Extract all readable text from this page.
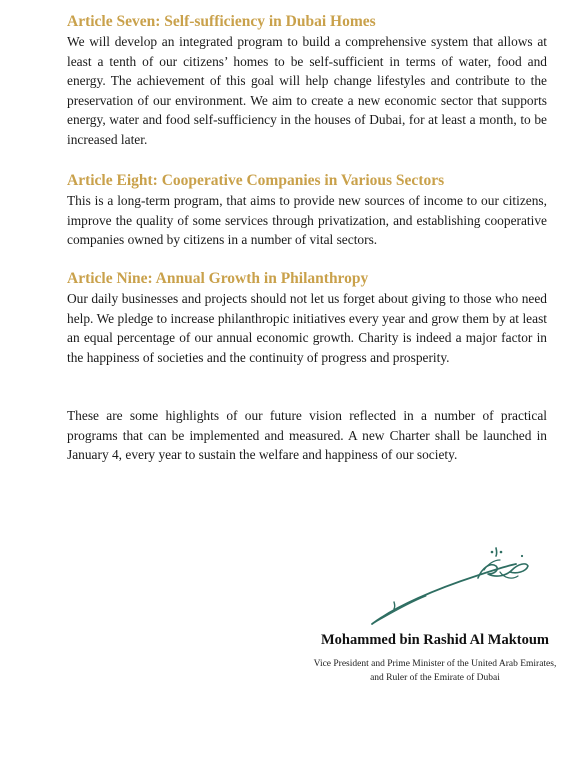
Article Seven: Self-sufficiency in Dubai Homes

We will develop an integrated program to build a comprehensive system that allows at least a tenth of our citizens’ homes to be self-sufficient in terms of water, food and energy. The achievement of this goal will help change lifestyles and contribute to the preservation of our environment. We aim to create a new economic sector that supports energy, water and food self-sufficiency in the houses of Dubai, for at least a month, to be increased later.

Article Eight: Cooperative Companies in Various Sectors

This is a long-term program, that aims to provide new sources of income to our citizens, improve the quality of some services through privatization, and establishing cooperative companies owned by citizens in a number of vital sectors.

Article Nine: Annual Growth in Philanthropy

Our daily businesses and projects should not let us forget about giving to those who need help. We pledge to increase philanthropic initiatives every year and grow them by at least an equal percentage of our annual economic growth. Charity is indeed a major factor in the happiness of societies and the continuity of progress and prosperity.

These are some highlights of our future vision reflected in a number of practical programs that can be implemented and measured. A new Charter shall be launched in January 4, every year to sustain the welfare and happiness of our society.

Mohammed bin Rashid Al Maktoum
Vice President and Prime Minister of the United Arab Emirates,
and Ruler of the Emirate of Dubai
